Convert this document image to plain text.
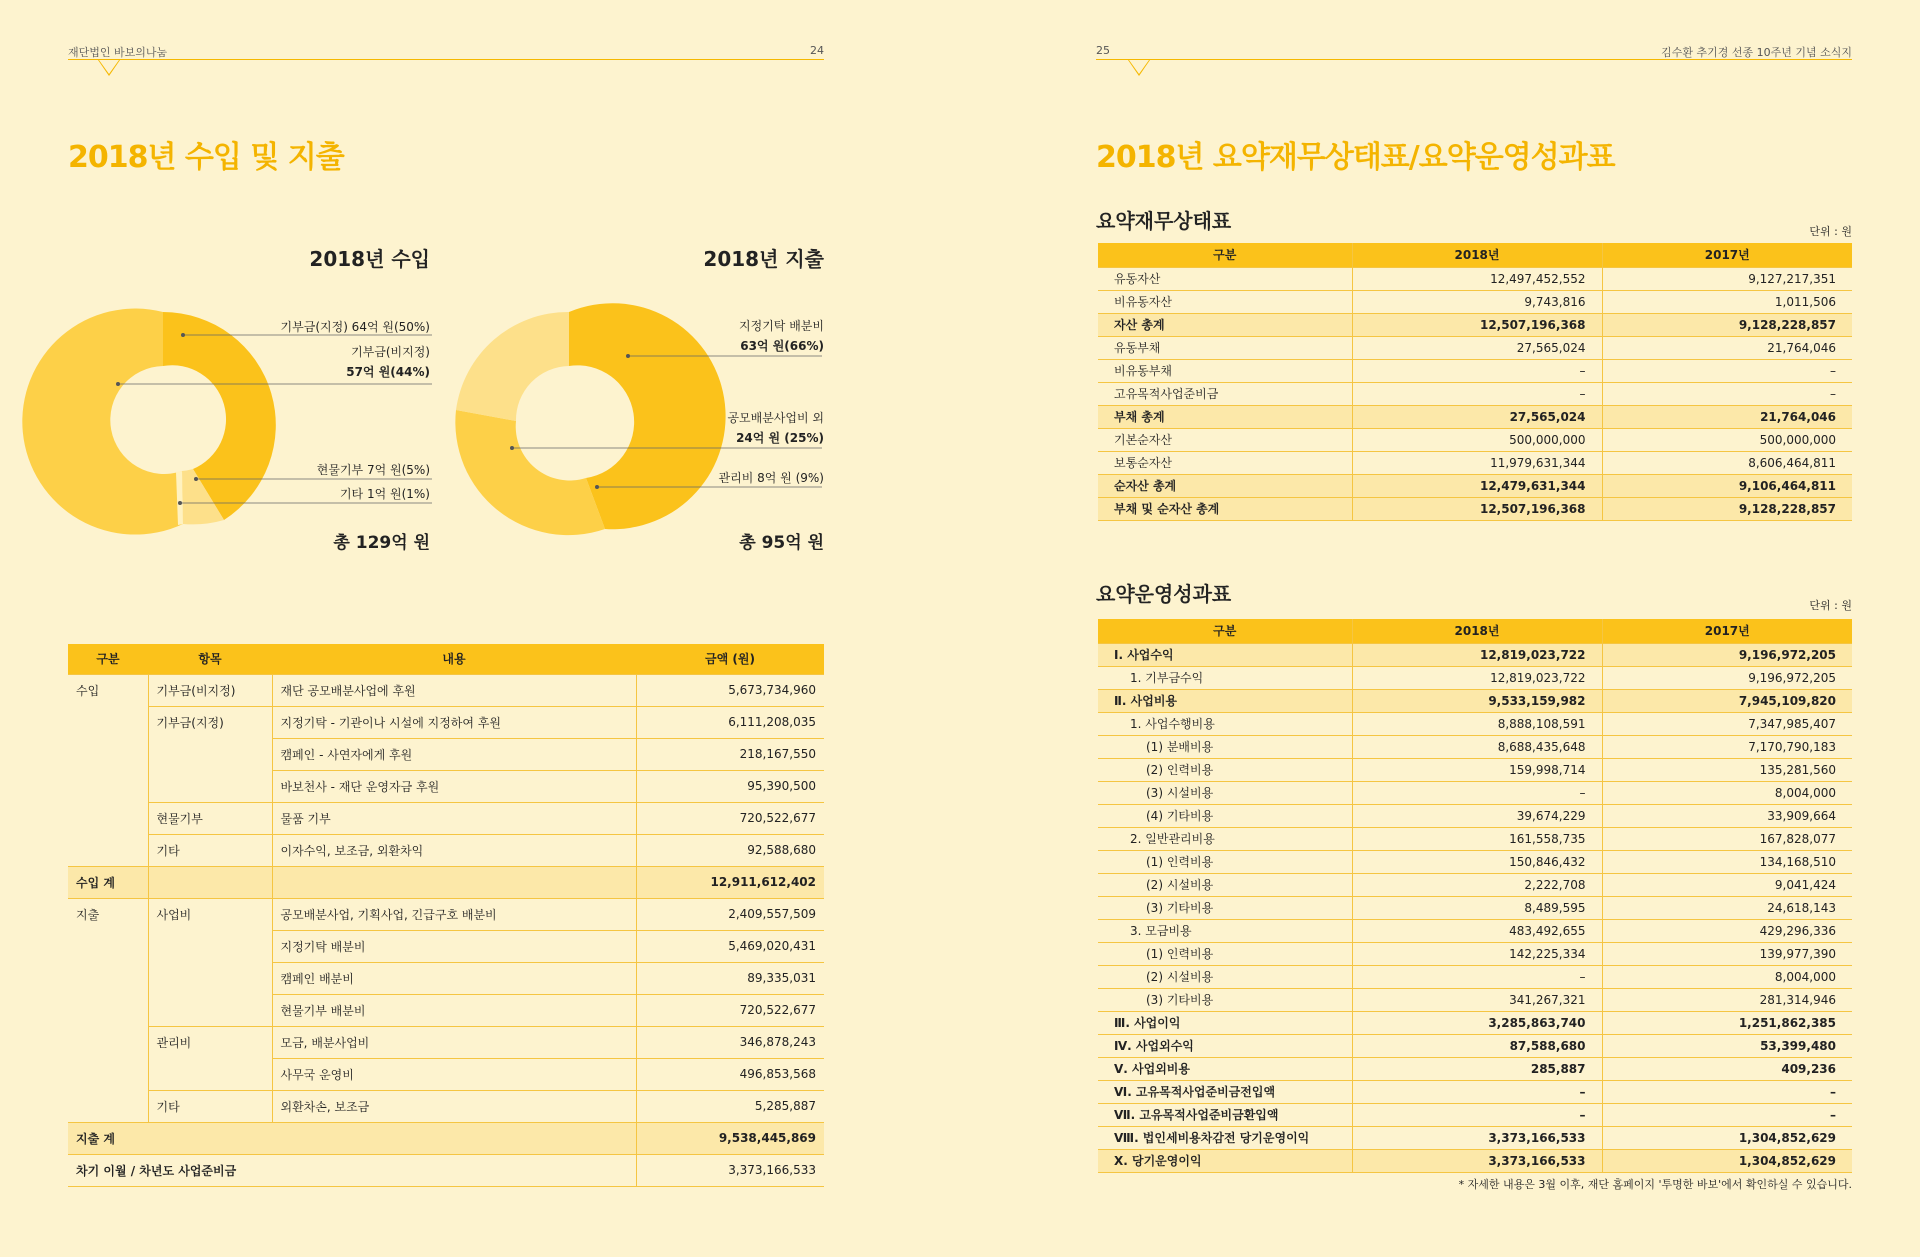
재단법인 바보의나눔	24
2018년 수입 및 지출
2018년 수입	2018년 지출
기부금(지정) 64억 원(50%)
기부금(비지정)
57억 원(44%)
현물기부 7억 원(5%)
기타 1억 원(1%)
지정기탁 배분비
63억 원(66%)
공모배분사업비 외
24억 원 (25%)
관리비 8억 원 (9%)
총 129억 원	총 95억 원
구분	항목	내용	금액 (원)
수입	기부금(비지정)	재단 공모배분사업에 후원	5,673,734,960
	기부금(지정)	지정기탁 - 기관이나 시설에 지정하여 후원	6,111,208,035
		캠페인 - 사연자에게 후원	218,167,550
		바보천사 - 재단 운영자금 후원	95,390,500
	현물기부	물품 기부	720,522,677
	기타	이자수익, 보조금, 외환차익	92,588,680
수입 계			12,911,612,402
지출	사업비	공모배분사업, 기획사업, 긴급구호 배분비	2,409,557,509
		지정기탁 배분비	5,469,020,431
		캠페인 배분비	89,335,031
		현물기부 배분비	720,522,677
	관리비	모금, 배분사업비	346,878,243
		사무국 운영비	496,853,568
	기타	외환차손, 보조금	5,285,887
지출 계			9,538,445,869
차기 이월 / 차년도 사업준비금			3,373,166,533
25	김수환 추기경 선종 10주년 기념 소식지
2018년 요약재무상태표/요약운영성과표
요약재무상태표	단위 : 원
구분	2018년	2017년
유동자산	12,497,452,552	9,127,217,351
비유동자산	9,743,816	1,011,506
자산 총계	12,507,196,368	9,128,228,857
유동부채	27,565,024	21,764,046
비유동부채	–	–
고유목적사업준비금	–	–
부채 총계	27,565,024	21,764,046
기본순자산	500,000,000	500,000,000
보통순자산	11,979,631,344	8,606,464,811
순자산 총계	12,479,631,344	9,106,464,811
부채 및 순자산 총계	12,507,196,368	9,128,228,857
요약운영성과표	단위 : 원
구분	2018년	2017년
Ⅰ. 사업수익	12,819,023,722	9,196,972,205
1. 기부금수익	12,819,023,722	9,196,972,205
Ⅱ. 사업비용	9,533,159,982	7,945,109,820
1. 사업수행비용	8,888,108,591	7,347,985,407
(1) 분배비용	8,688,435,648	7,170,790,183
(2) 인력비용	159,998,714	135,281,560
(3) 시설비용	–	8,004,000
(4) 기타비용	39,674,229	33,909,664
2. 일반관리비용	161,558,735	167,828,077
(1) 인력비용	150,846,432	134,168,510
(2) 시설비용	2,222,708	9,041,424
(3) 기타비용	8,489,595	24,618,143
3. 모금비용	483,492,655	429,296,336
(1) 인력비용	142,225,334	139,977,390
(2) 시설비용	–	8,004,000
(3) 기타비용	341,267,321	281,314,946
Ⅲ. 사업이익	3,285,863,740	1,251,862,385
Ⅳ. 사업외수익	87,588,680	53,399,480
Ⅴ. 사업외비용	285,887	409,236
Ⅵ. 고유목적사업준비금전입액	–	–
Ⅶ. 고유목적사업준비금환입액	–	–
Ⅷ. 법인세비용차감전 당기운영이익	3,373,166,533	1,304,852,629
Ⅹ. 당기운영이익	3,373,166,533	1,304,852,629
* 자세한 내용은 3월 이후, 재단 홈페이지 '투명한 바보'에서 확인하실 수 있습니다.
